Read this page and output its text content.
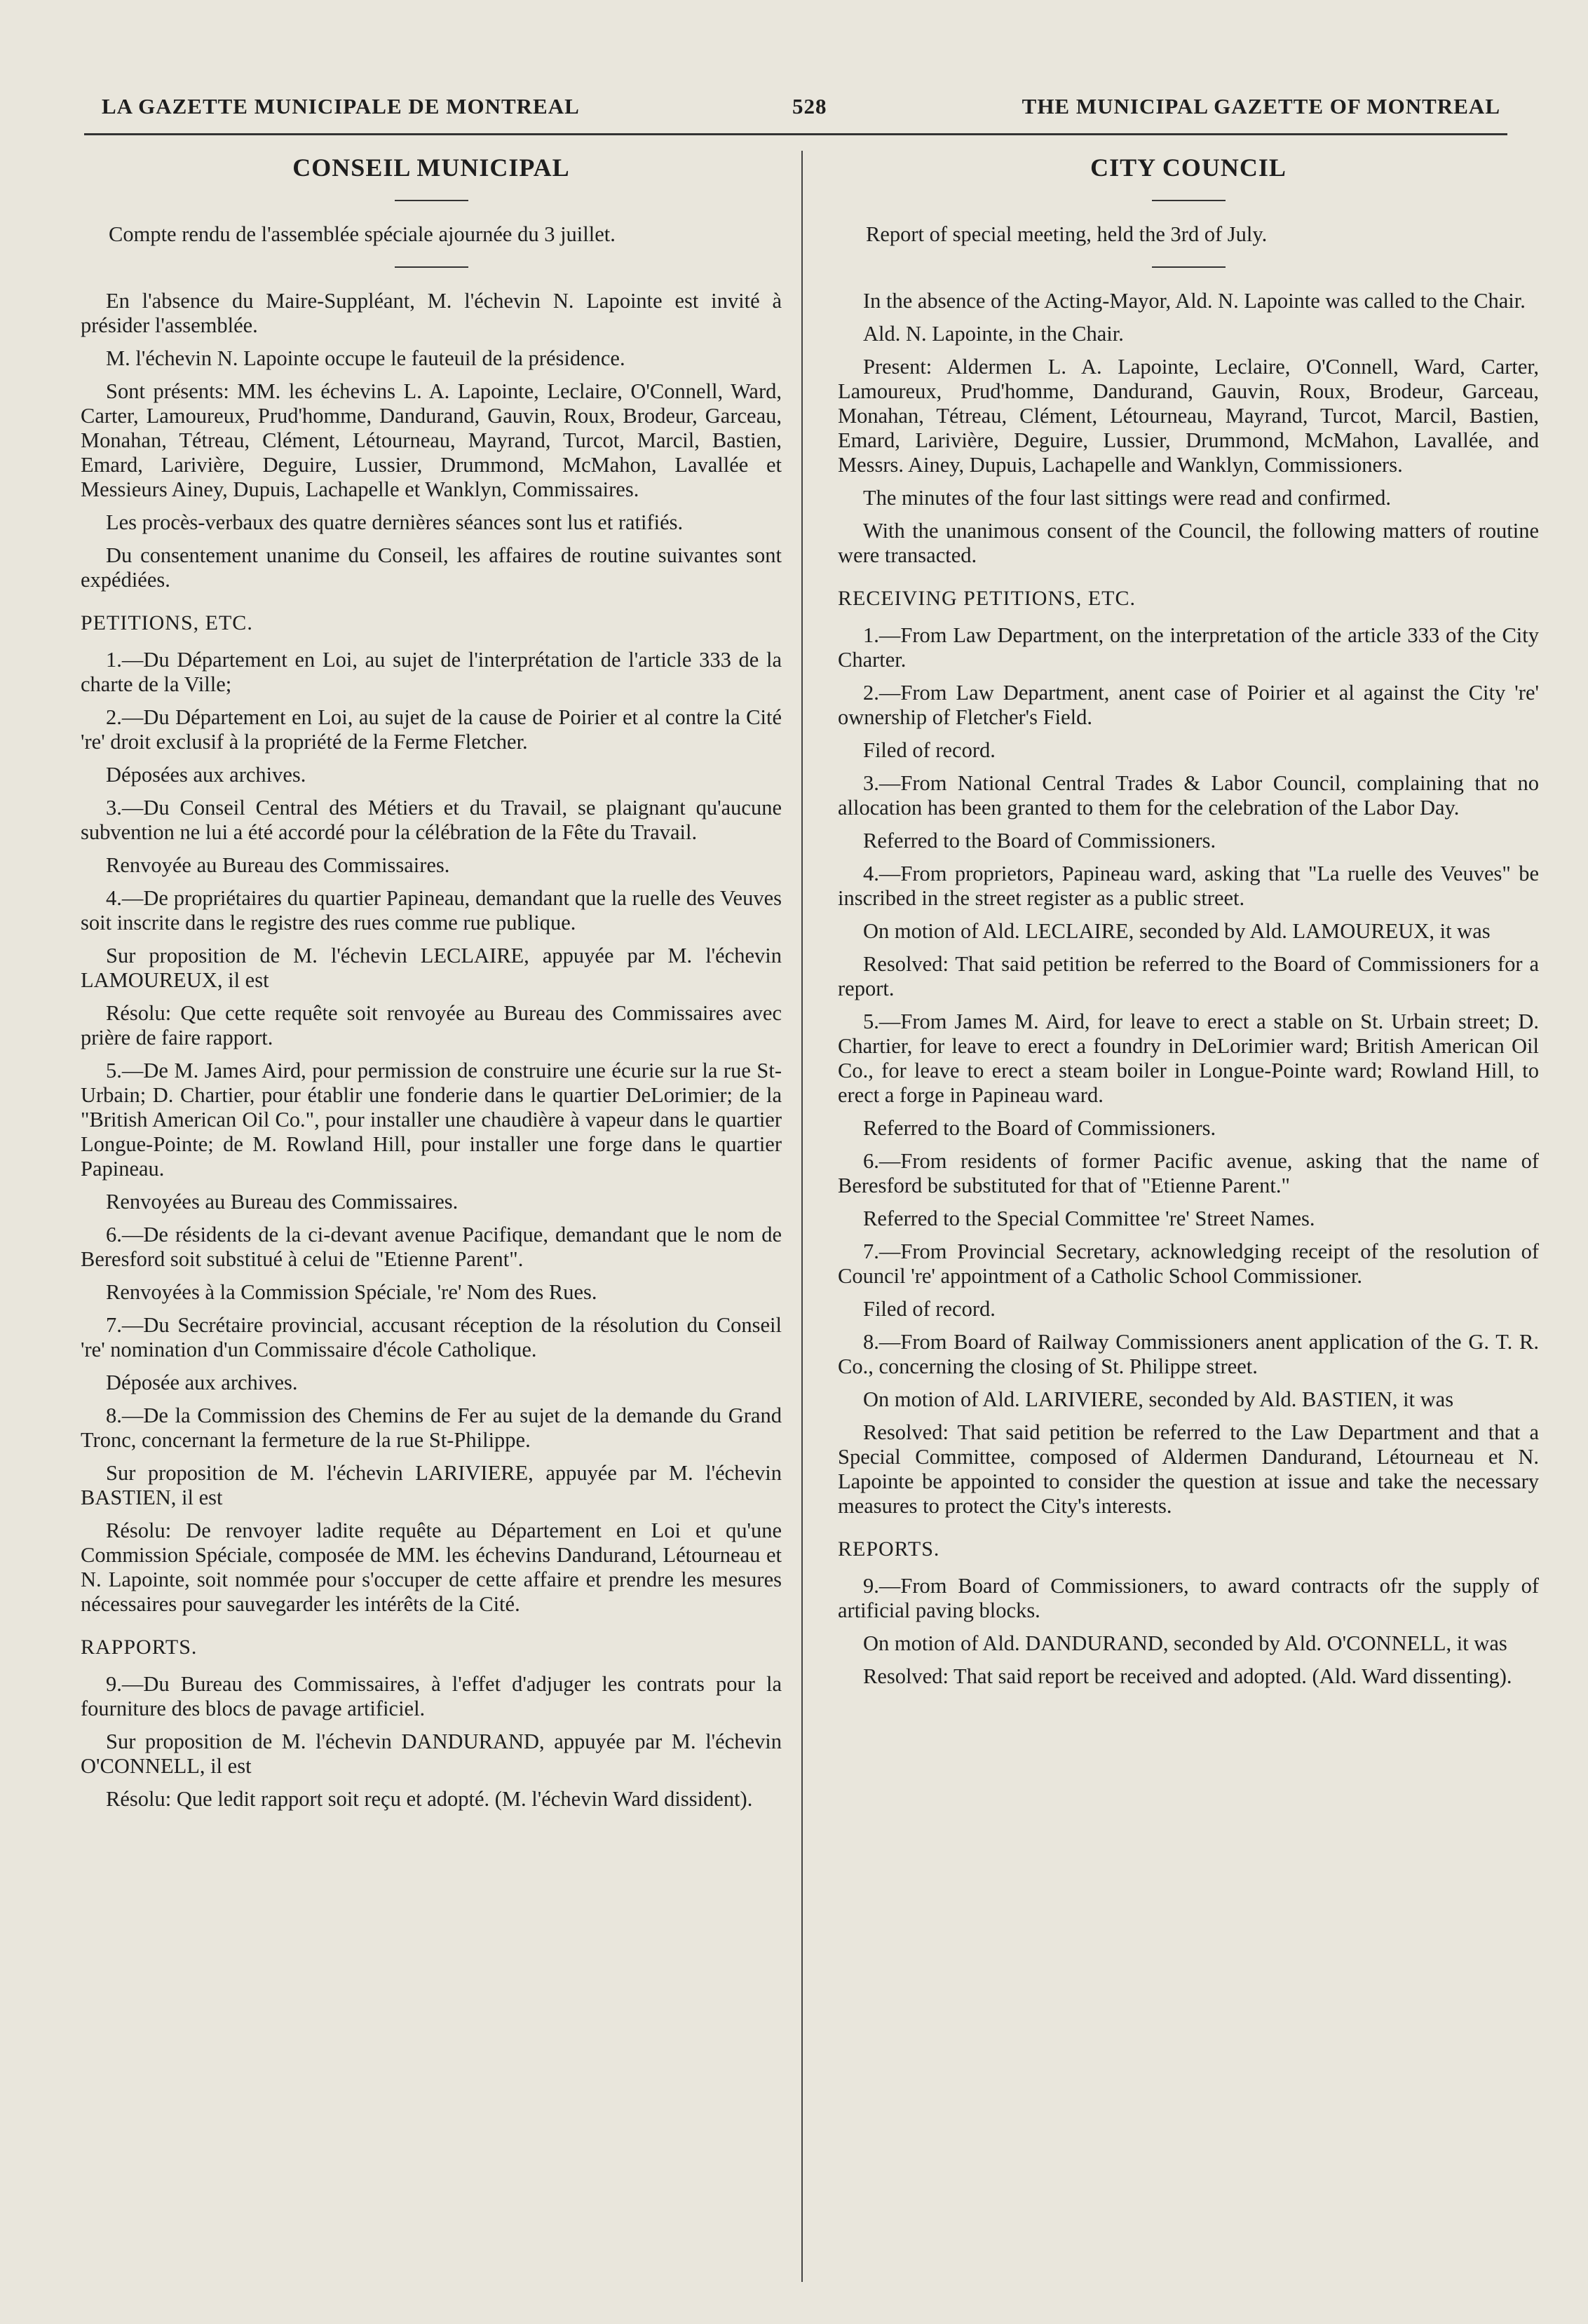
LA GAZETTE MUNICIPALE DE MONTREAL	528	THE MUNICIPAL GAZETTE OF MONTREAL
CONSEIL MUNICIPAL

Compte rendu de l'assemblée spéciale ajournée du 3 juillet.

En l'absence du Maire-Suppléant, M. l'échevin N. Lapointe est invité à présider l'assemblée.

M. l'échevin N. Lapointe occupe le fauteuil de la présidence.

Sont présents: MM. les échevins L. A. Lapointe, Leclaire, O'Connell, Ward, Carter, Lamoureux, Prud'homme, Dandurand, Gauvin, Roux, Brodeur, Garceau, Monahan, Tétreau, Clément, Létourneau, Mayrand, Turcot, Marcil, Bastien, Emard, Larivière, Deguire, Lussier, Drummond, McMahon, Lavallée et Messieurs Ainey, Dupuis, Lachapelle et Wanklyn, Commissaires.

Les procès-verbaux des quatre dernières séances sont lus et ratifiés.

Du consentement unanime du Conseil, les affaires de routine suivantes sont expédiées.

PETITIONS, ETC.

1.—Du Département en Loi, au sujet de l'interprétation de l'article 333 de la charte de la Ville;

2.—Du Département en Loi, au sujet de la cause de Poirier et al contre la Cité 're' droit exclusif à la propriété de la Ferme Fletcher.

Déposées aux archives.

3.—Du Conseil Central des Métiers et du Travail, se plaignant qu'aucune subvention ne lui a été accordé pour la célébration de la Fête du Travail.

Renvoyée au Bureau des Commissaires.

4.—De propriétaires du quartier Papineau, demandant que la ruelle des Veuves soit inscrite dans le registre des rues comme rue publique.

Sur proposition de M. l'échevin LECLAIRE, appuyée par M. l'échevin LAMOUREUX, il est

Résolu: Que cette requête soit renvoyée au Bureau des Commissaires avec prière de faire rapport.

5.—De M. James Aird, pour permission de construire une écurie sur la rue St-Urbain; D. Chartier, pour établir une fonderie dans le quartier DeLorimier; de la "British American Oil Co.", pour installer une chaudière à vapeur dans le quartier Longue-Pointe; de M. Rowland Hill, pour installer une forge dans le quartier Papineau.

Renvoyées au Bureau des Commissaires.

6.—De résidents de la ci-devant avenue Pacifique, demandant que le nom de Beresford soit substitué à celui de "Etienne Parent".

Renvoyées à la Commission Spéciale, 're' Nom des Rues.

7.—Du Secrétaire provincial, accusant réception de la résolution du Conseil 're' nomination d'un Commissaire d'école Catholique.

Déposée aux archives.

8.—De la Commission des Chemins de Fer au sujet de la demande du Grand Tronc, concernant la fermeture de la rue St-Philippe.

Sur proposition de M. l'échevin LARIVIERE, appuyée par M. l'échevin BASTIEN, il est

Résolu: De renvoyer ladite requête au Département en Loi et qu'une Commission Spéciale, composée de MM. les échevins Dandurand, Létourneau et N. Lapointe, soit nommée pour s'occuper de cette affaire et prendre les mesures nécessaires pour sauvegarder les intérêts de la Cité.

RAPPORTS.

9.—Du Bureau des Commissaires, à l'effet d'adjuger les contrats pour la fourniture des blocs de pavage artificiel.

Sur proposition de M. l'échevin DANDURAND, appuyée par M. l'échevin O'CONNELL, il est

Résolu: Que ledit rapport soit reçu et adopté. (M. l'échevin Ward dissident).

CITY COUNCIL

Report of special meeting, held the 3rd of July.

In the absence of the Acting-Mayor, Ald. N. Lapointe was called to the Chair.

Ald. N. Lapointe, in the Chair.

Present: Aldermen L. A. Lapointe, Leclaire, O'Connell, Ward, Carter, Lamoureux, Prud'homme, Dandurand, Gauvin, Roux, Brodeur, Garceau, Monahan, Tétreau, Clément, Létourneau, Mayrand, Turcot, Marcil, Bastien, Emard, Larivière, Deguire, Lussier, Drummond, McMahon, Lavallée, and Messrs. Ainey, Dupuis, Lachapelle and Wanklyn, Commissioners.

The minutes of the four last sittings were read and confirmed.

With the unanimous consent of the Council, the following matters of routine were transacted.

RECEIVING PETITIONS, ETC.

1.—From Law Department, on the interpretation of the article 333 of the City Charter.

2.—From Law Department, anent case of Poirier et al against the City 're' ownership of Fletcher's Field.

Filed of record.

3.—From National Central Trades & Labor Council, complaining that no allocation has been granted to them for the celebration of the Labor Day.

Referred to the Board of Commissioners.

4.—From proprietors, Papineau ward, asking that "La ruelle des Veuves" be inscribed in the street register as a public street.

On motion of Ald. LECLAIRE, seconded by Ald. LAMOUREUX, it was

Resolved: That said petition be referred to the Board of Commissioners for a report.

5.—From James M. Aird, for leave to erect a stable on St. Urbain street; D. Chartier, for leave to erect a foundry in DeLorimier ward; British American Oil Co., for leave to erect a steam boiler in Longue-Pointe ward; Rowland Hill, to erect a forge in Papineau ward.

Referred to the Board of Commissioners.

6.—From residents of former Pacific avenue, asking that the name of Beresford be substituted for that of "Etienne Parent."

Referred to the Special Committee 're' Street Names.

7.—From Provincial Secretary, acknowledging receipt of the resolution of Council 're' appointment of a Catholic School Commissioner.

Filed of record.

8.—From Board of Railway Commissioners anent application of the G. T. R. Co., concerning the closing of St. Philippe street.

On motion of Ald. LARIVIERE, seconded by Ald. BASTIEN, it was

Resolved: That said petition be referred to the Law Department and that a Special Committee, composed of Aldermen Dandurand, Létourneau et N. Lapointe be appointed to consider the question at issue and take the necessary measures to protect the City's interests.

REPORTS.

9.—From Board of Commissioners, to award contracts ofr the supply of artificial paving blocks.

On motion of Ald. DANDURAND, seconded by Ald. O'CONNELL, it was

Resolved: That said report be received and adopted. (Ald. Ward dissenting).
